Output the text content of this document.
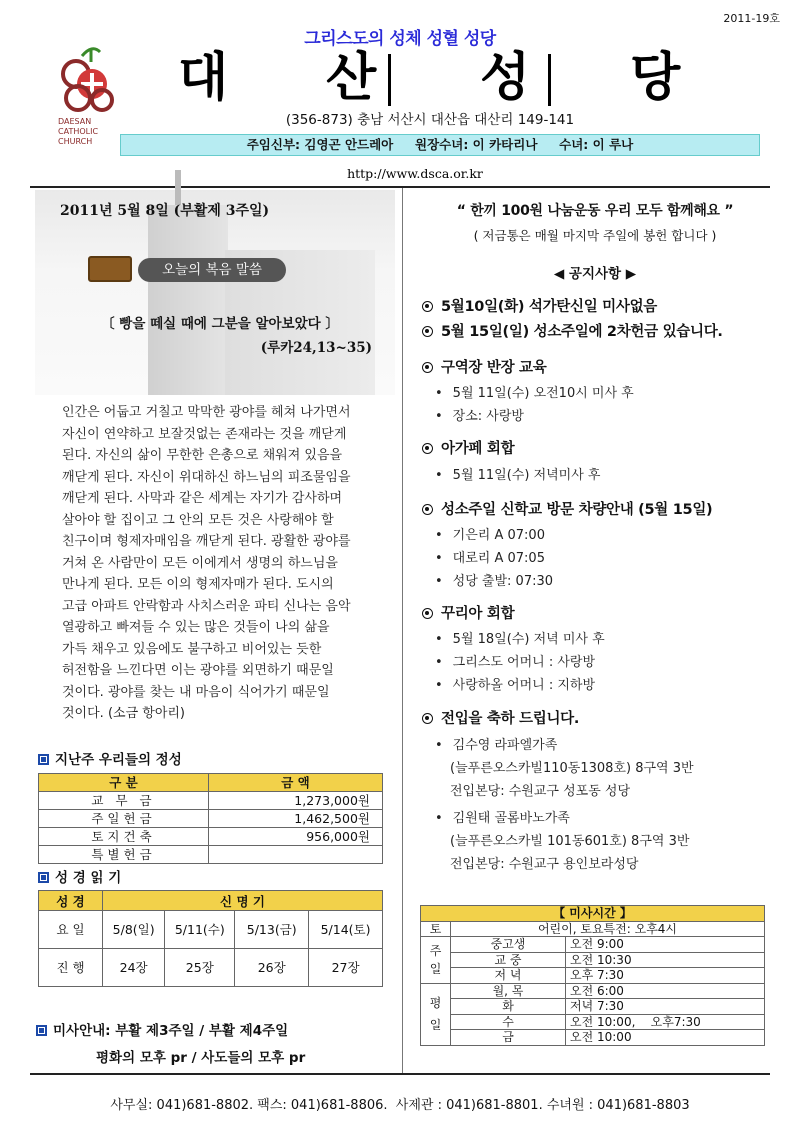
2011-19호
그리스도의 성체 성혈 성당
DAESAN
CATHOLIC
CHURCH
대 산 성 당
(356-873) 충남 서산시 대산읍 대산리 149-141
주임신부: 김영곤 안드레아     원장수녀: 이 카타리나     수녀: 이 루나
http://www.dsca.or.kr
2011년 5월 8일 (부활제 3주일)
오늘의 복음 말씀
〔 빵을 떼실 때에 그분을 알아보았다 〕
(루카24,13~35)

인간은 어둡고 거칠고 막막한 광야를 헤쳐 나가면서

자신이 연약하고 보잘것없는 존재라는 것을 깨닫게

된다. 자신의 삶이 무한한 은총으로 채워져 있음을

깨닫게 된다. 자신이 위대하신 하느님의 피조물임을

깨닫게 된다. 사막과 같은 세계는 자기가 감사하며

살아야 할 집이고 그 안의 모든 것은 사랑해야 할

친구이며 형제자매임을 깨닫게 된다. 광활한 광야를

거쳐 온 사람만이 모든 이에게서 생명의 하느님을

만나게 된다. 모든 이의 형제자매가 된다. 도시의

고급 아파트 안락함과 사치스러운 파티 신나는 음악

열광하고 빠져들 수 있는 많은 것들이 나의 삶을

가득 채우고 있음에도 불구하고 비어있는 듯한

허전함을 느낀다면 이는 광야를 외면하기 때문일

것이다. 광야를 찾는 내 마음이 식어가기 때문일

것이다. (소금 항아리)

지난주 우리들의 정성
구 분	금 액
교 무 금	1,273,000원
주일헌금	1,462,500원
토지건축	956,000원
특별헌금	
성 경 읽 기
성 경	신 명 기			
요 일	5/8(일)	5/11(수)	5/13(금)	5/14(토)
진 행	24장	25장	26장	27장
미사안내: 부활 제3주일 / 부활 제4주일
평화의 모후 pr / 사도들의 모후 pr
“ 한끼 100원 나눔운동 우리 모두 함께해요 ”
( 저금통은 매월 마지막 주일에 봉헌 합니다 )
◀ 공지사항 ▶
5월10일(화) 석가탄신일 미사없음
5월 15일(일) 성소주일에 2차헌금 있습니다.
구역장 반장 교육
• 5월 11일(수) 오전10시 미사 후
• 장소: 사랑방
아가페 회합
• 5월 11일(수) 저녁미사 후
성소주일 신학교 방문 차량안내 (5월 15일)
• 기은리 A 07:00
• 대로리 A 07:05
• 성당 출발: 07:30
꾸리아 회합
• 5월 18일(수) 저녁 미사 후
• 그리스도 어머니 : 사랑방
• 사랑하올 어머니 : 지하방
전입을 축하 드립니다.
• 김수영 라파엘가족
(늘푸른오스카빌110동1308호) 8구역 3반
전입본당: 수원교구 성포동 성당
• 김원태 골롬바노가족
(늘푸른오스카빌 101동601호) 8구역 3반
전입본당: 수원교구 용인보라성당
【 미사시간 】		
토	어린이, 토요특전: 오후4시	
주일	중고생	오전 9:00
	교 중	오전 10:30
	저 녁	오후 7:30
평일	월, 목	오전 6:00
	화	저녁 7:30
	수	오전 10:00,    오후7:30
	금	오전 10:00
사무실: 041)681-8802. 팩스: 041)681-8806.  사제관 : 041)681-8801. 수녀원 : 041)681-8803
